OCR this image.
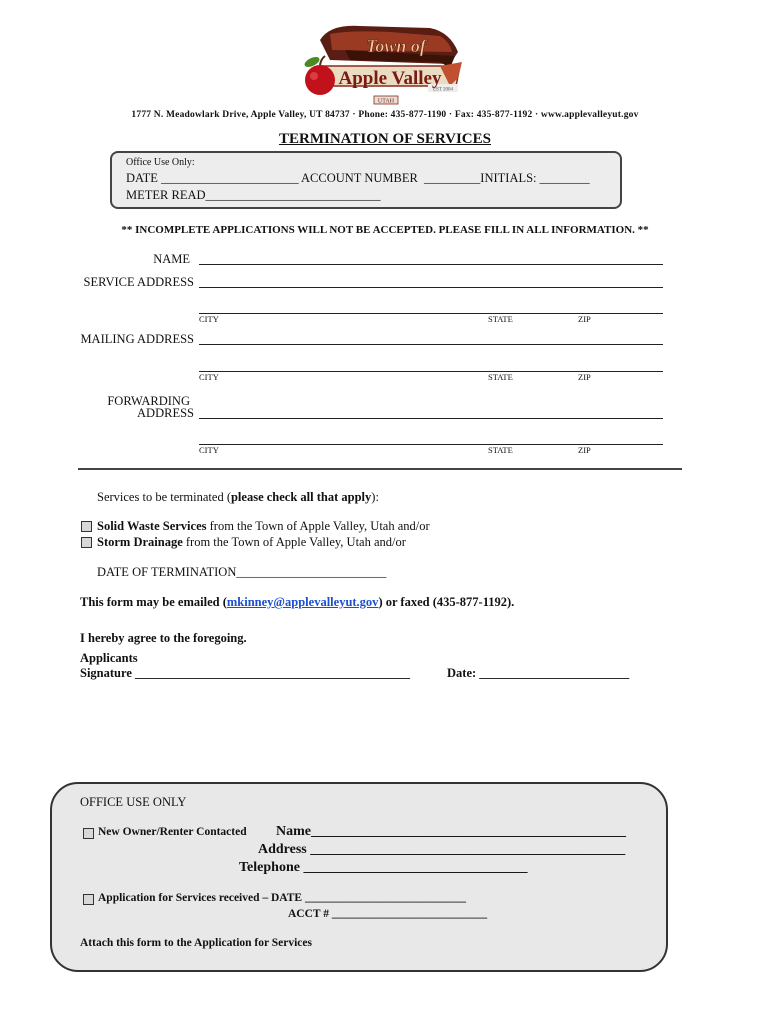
Town of
Apple Valley
EST 2004
UTAH
1777 N. Meadowlark Drive, Apple Valley, UT 84737 · Phone: 435-877-1190 · Fax: 435-877-1192 · www.applevalleyut.gov
TERMINATION OF SERVICES
Office Use Only:
DATE ______________________ ACCOUNT NUMBER  _________INITIALS: ________
METER READ____________________________
** INCOMPLETE APPLICATIONS WILL NOT BE ACCEPTED. PLEASE FILL IN ALL INFORMATION. **
NAME
SERVICE ADDRESS
CITY	STATE	ZIP
MAILING ADDRESS
CITY	STATE	ZIP
FORWARDING
ADDRESS
CITY	STATE	ZIP
Services to be terminated (please check all that apply):
Solid Waste Services from the Town of Apple Valley, Utah and/or
Storm Drainage from the Town of Apple Valley, Utah and/or
DATE OF TERMINATION________________________
This form may be emailed (mkinney@applevalleyut.gov) or faxed (435-877-1192).
I hereby agree to the foregoing.
Applicants
Signature ____________________________________________	Date: ________________________
OFFICE USE ONLY
New Owner/Renter Contacted Name_____________________________________________
Address _____________________________________________
Telephone ________________________________
Application for Services received – DATE ____________________________
ACCT # ___________________________
Attach this form to the Application for Services
